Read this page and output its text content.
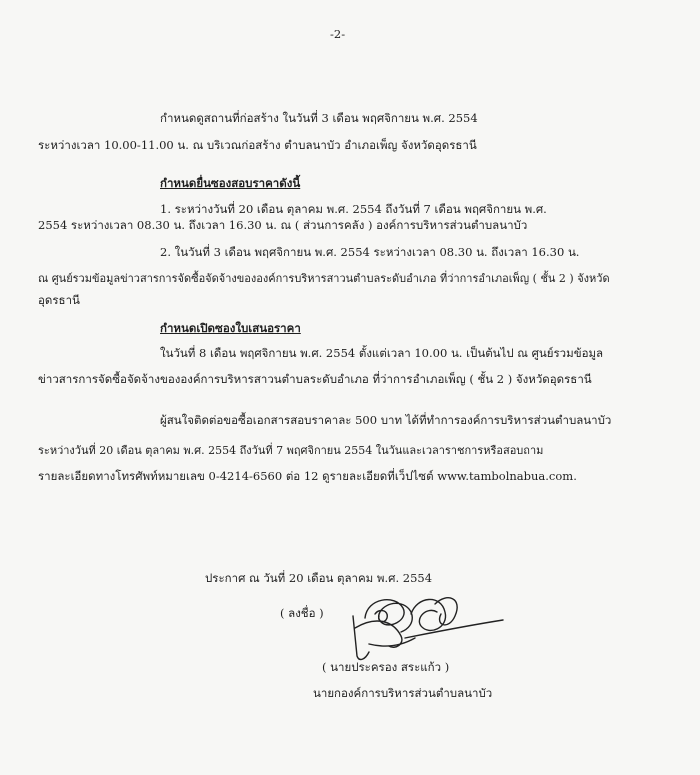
-2-
กำหนดดูสถานที่ก่อสร้าง ในวันที่ 3 เดือน พฤศจิกายน พ.ศ. 2554
ระหว่างเวลา 10.00-11.00 น. ณ บริเวณก่อสร้าง ตำบลนาบัว อำเภอเพ็ญ จังหวัดอุดรธานี
กำหนดยื่นซองสอบราคาดังนี้
1. ระหว่างวันที่ 20 เดือน ตุลาคม พ.ศ. 2554 ถึงวันที่ 7 เดือน พฤศจิกายน พ.ศ.
2554 ระหว่างเวลา 08.30 น. ถึงเวลา 16.30 น. ณ ( ส่วนการคลัง ) องค์การบริหารส่วนตำบลนาบัว
2. ในวันที่ 3 เดือน พฤศจิกายน พ.ศ. 2554 ระหว่างเวลา 08.30 น. ถึงเวลา 16.30 น.
ณ ศูนย์รวมข้อมูลข่าวสารการจัดซื้อจัดจ้างขององค์การบริหารสาวนตำบลระดับอำเภอ ที่ว่าการอำเภอเพ็ญ ( ชั้น 2 ) จังหวัด
อุดรธานี
กำหนดเปิดซองใบเสนอราคา
ในวันที่ 8 เดือน พฤศจิกายน พ.ศ. 2554 ตั้งแต่เวลา 10.00 น. เป็นต้นไป ณ ศูนย์รวมข้อมูล
ข่าวสารการจัดซื้อจัดจ้างขององค์การบริหารสาวนตำบลระดับอำเภอ ที่ว่าการอำเภอเพ็ญ ( ชั้น 2 ) จังหวัดอุดรธานี
ผู้สนใจติดต่อขอซื้อเอกสารสอบราคาละ 500 บาท ได้ที่ทำการองค์การบริหารส่วนตำบลนาบัว
ระหว่างวันที่ 20 เดือน ตุลาคม พ.ศ. 2554 ถึงวันที่ 7 พฤศจิกายน 2554 ในวันและเวลาราชการหรือสอบถาม
รายละเอียดทางโทรศัพท์หมายเลข 0-4214-6560 ต่อ 12 ดูรายละเอียดที่เว็ปไซต์ www.tambolnabua.com.
ประกาศ ณ วันที่ 20 เดือน ตุลาคม พ.ศ. 2554
( ลงชื่อ )
( นายประครอง สระแก้ว )
นายกองค์การบริหารส่วนตำบลนาบัว
